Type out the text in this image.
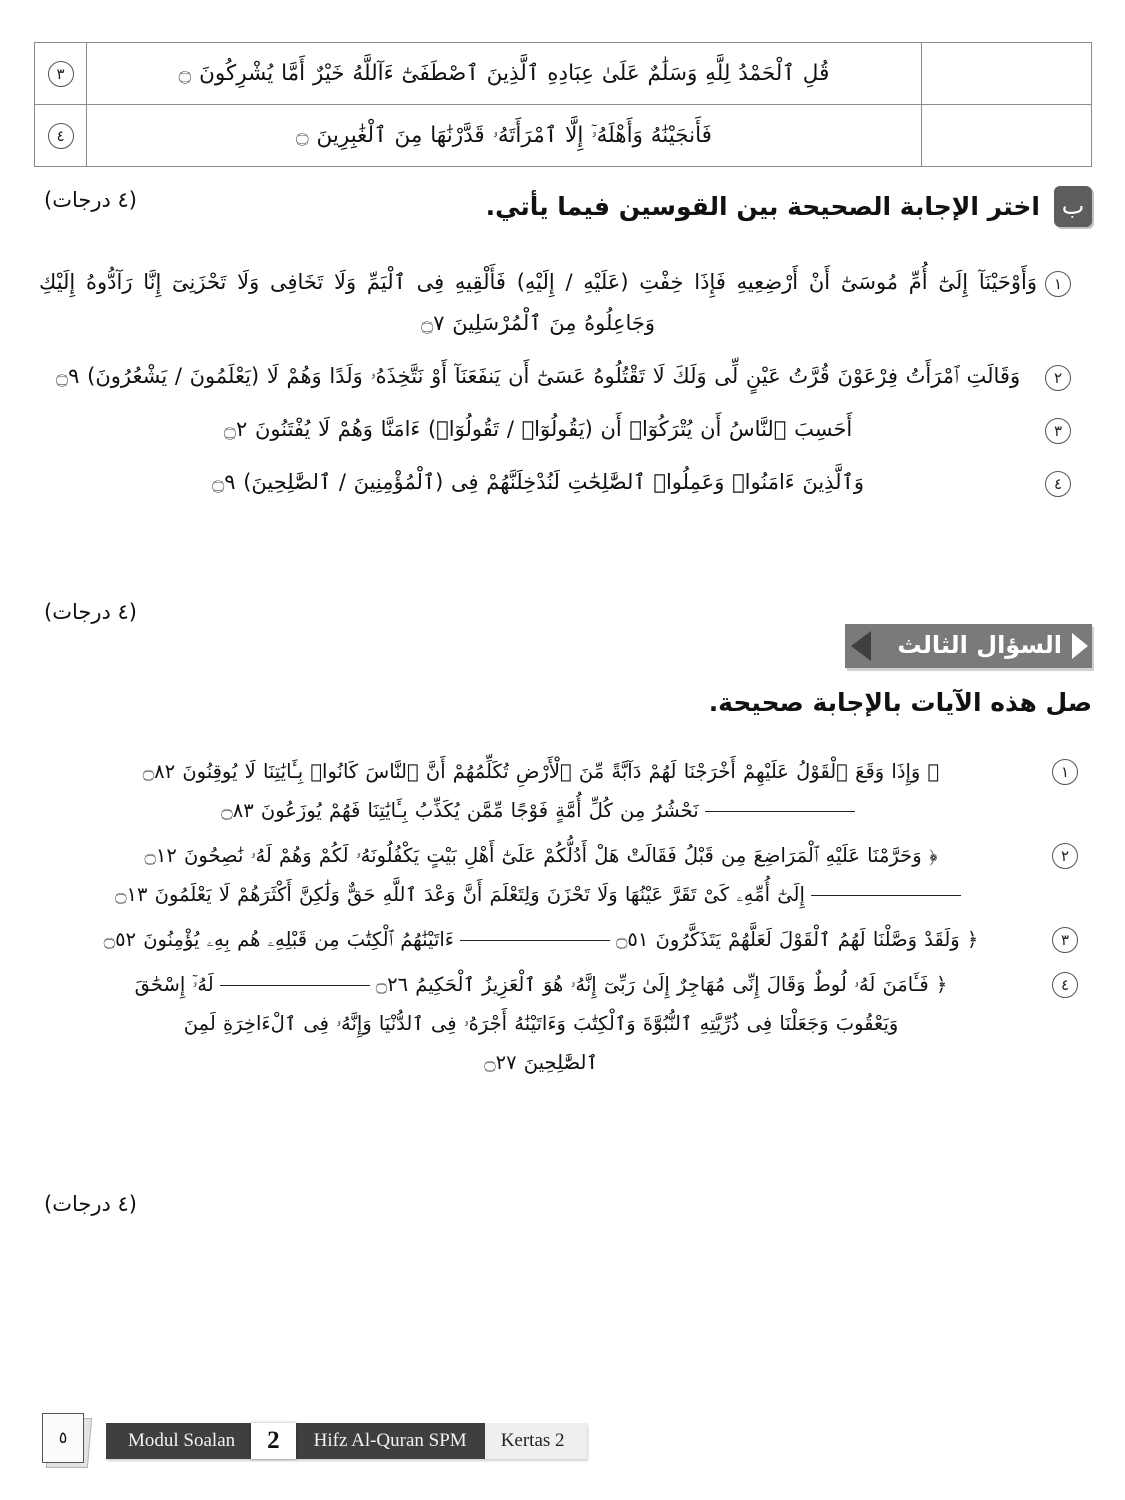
	قُلِ ٱلْحَمْدُ لِلَّهِ وَسَلَٰمٌ عَلَىٰ عِبَادِهِ ٱلَّذِينَ ٱصْطَفَىٰٓ ءَآللَّهُ خَيْرٌ أَمَّا يُشْرِكُونَ ۝	٣
	فَأَنجَيْنَٰهُ وَأَهْلَهُۥٓ إِلَّا ٱمْرَأَتَهُۥ قَدَّرْنَٰهَا مِنَ ٱلْغَٰبِرِينَ ۝	٤
(٤ درجات)	ب
اختر الإجابة الصحيحة بين القوسين فيما يأتي.
١
وَأَوْحَيْنَآ إِلَىٰٓ أُمِّ مُوسَىٰٓ أَنْ أَرْضِعِيهِ فَإِذَا خِفْتِ (عَلَيْهِ / إِلَيْهِ) فَأَلْقِيهِ فِى ٱلْيَمِّ وَلَا تَخَافِى وَلَا تَحْزَنِىٓ إِنَّا رَآدُّوهُ إِلَيْكِ وَجَاعِلُوهُ مِنَ ٱلْمُرْسَلِينَ ۝٧
٢
وَقَالَتِ ٱمْرَأَتُ فِرْعَوْنَ قُرَّتُ عَيْنٍ لِّى وَلَكَ لَا تَقْتُلُوهُ عَسَىٰٓ أَن يَنفَعَنَآ أَوْ نَتَّخِذَهُۥ وَلَدًا وَهُمْ لَا (يَعْلَمُونَ / يَشْعُرُونَ) ۝٩
٣
أَحَسِبَ ٱلنَّاسُ أَن يُتْرَكُوٓا۟ أَن (يَقُولُوٓا۟ / تَقُولُوٓا۟) ءَامَنَّا وَهُمْ لَا يُفْتَنُونَ ۝٢
٤
وَٱلَّذِينَ ءَامَنُوا۟ وَعَمِلُوا۟ ٱلصَّٰلِحَٰتِ لَنُدْخِلَنَّهُمْ فِى (ٱلْمُؤْمِنِينَ / ٱلصَّٰلِحِينَ) ۝٩
(٤ درجات)
السؤال الثالث
صل هذه الآيات بالإجابة صحيحة.
١
﴿ وَإِذَا وَقَعَ ٱلْقَوْلُ عَلَيْهِمْ أَخْرَجْنَا لَهُمْ دَآبَّةً مِّنَ ٱلْأَرْضِ تُكَلِّمُهُمْ أَنَّ ٱلنَّاسَ كَانُوا۟ بِـَٔايَٰتِنَا لَا يُوقِنُونَ ۝٨٢
نَحْشُرُ مِن كُلِّ أُمَّةٍ فَوْجًا مِّمَّن يُكَذِّبُ بِـَٔايَٰتِنَا فَهُمْ يُوزَعُونَ ۝٨٣
٢
﴿ وَحَرَّمْنَا عَلَيْهِ ٱلْمَرَاضِعَ مِن قَبْلُ فَقَالَتْ هَلْ أَدُلُّكُمْ عَلَىٰٓ أَهْلِ بَيْتٍ يَكْفُلُونَهُۥ لَكُمْ وَهُمْ لَهُۥ نَٰصِحُونَ ۝١٢
إِلَىٰٓ أُمِّهِۦ كَىْ تَقَرَّ عَيْنُهَا وَلَا تَحْزَنَ وَلِتَعْلَمَ أَنَّ وَعْدَ ٱللَّهِ حَقٌّ وَلَٰكِنَّ أَكْثَرَهُمْ لَا يَعْلَمُونَ ۝١٣
٣
﴿ وَلَقَدْ وَصَّلْنَا لَهُمُ ٱلْقَوْلَ لَعَلَّهُمْ يَتَذَكَّرُونَ ۝٥١ءَاتَيْنَٰهُمُ ٱلْكِتَٰبَ مِن قَبْلِهِۦ هُم بِهِۦ يُؤْمِنُونَ ۝٥٢
٤
﴿ فَـَٔامَنَ لَهُۥ لُوطٌ وَقَالَ إِنِّى مُهَاجِرٌ إِلَىٰ رَبِّىٓ إِنَّهُۥ هُوَ ٱلْعَزِيزُ ٱلْحَكِيمُ ۝٢٦لَهُۥٓ إِسْحَٰقَ
وَيَعْقُوبَ وَجَعَلْنَا فِى ذُرِّيَّتِهِ ٱلنُّبُوَّةَ وَٱلْكِتَٰبَ وَءَاتَيْنَٰهُ أَجْرَهُۥ فِى ٱلدُّنْيَا وَإِنَّهُۥ فِى ٱلْءَاخِرَةِ لَمِنَ
ٱلصَّٰلِحِينَ ۝٢٧
(٤ درجات)
٥	Modul Soalan	2	Hifz Al-Quran SPM	Kertas 2
